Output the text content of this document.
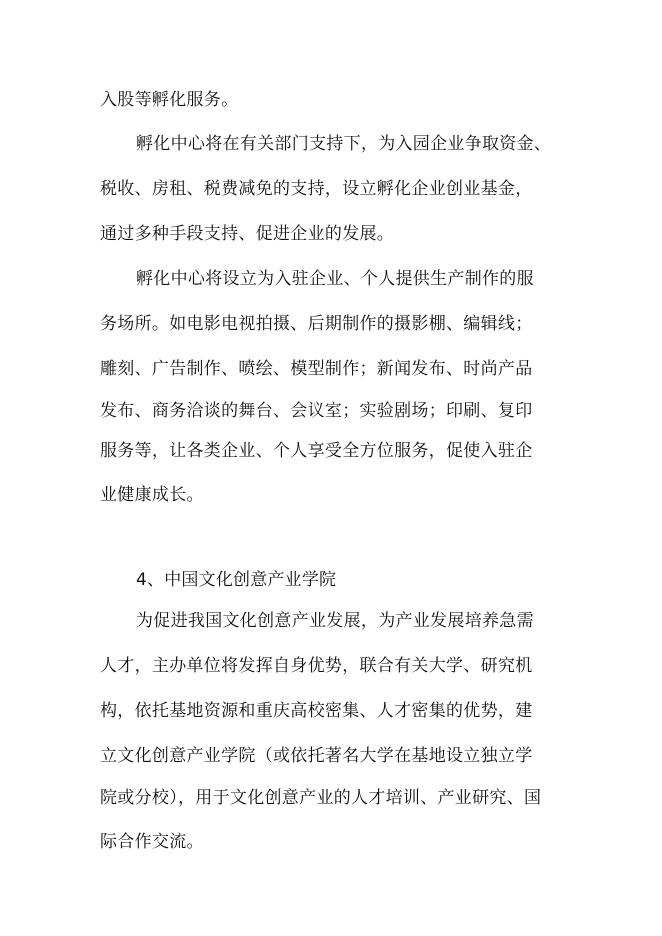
入股等孵化服务。
孵化中心将在有关部门支持下，为入园企业争取资金、
税收、房租、税费减免的支持，设立孵化企业创业基金，
通过多种手段支持、促进企业的发展。
孵化中心将设立为入驻企业、个人提供生产制作的服
务场所。如电影电视拍摄、后期制作的摄影棚、编辑线；
雕刻、广告制作、喷绘、模型制作；新闻发布、时尚产品
发布、商务洽谈的舞台、会议室；实验剧场；印刷、复印
服务等，让各类企业、个人享受全方位服务，促使入驻企
业健康成长。
4、中国文化创意产业学院
为促进我国文化创意产业发展，为产业发展培养急需
人才，主办单位将发挥自身优势，联合有关大学、研究机
构，依托基地资源和重庆高校密集、人才密集的优势，建
立文化创意产业学院（或依托著名大学在基地设立独立学
院或分校），用于文化创意产业的人才培训、产业研究、国
际合作交流。
